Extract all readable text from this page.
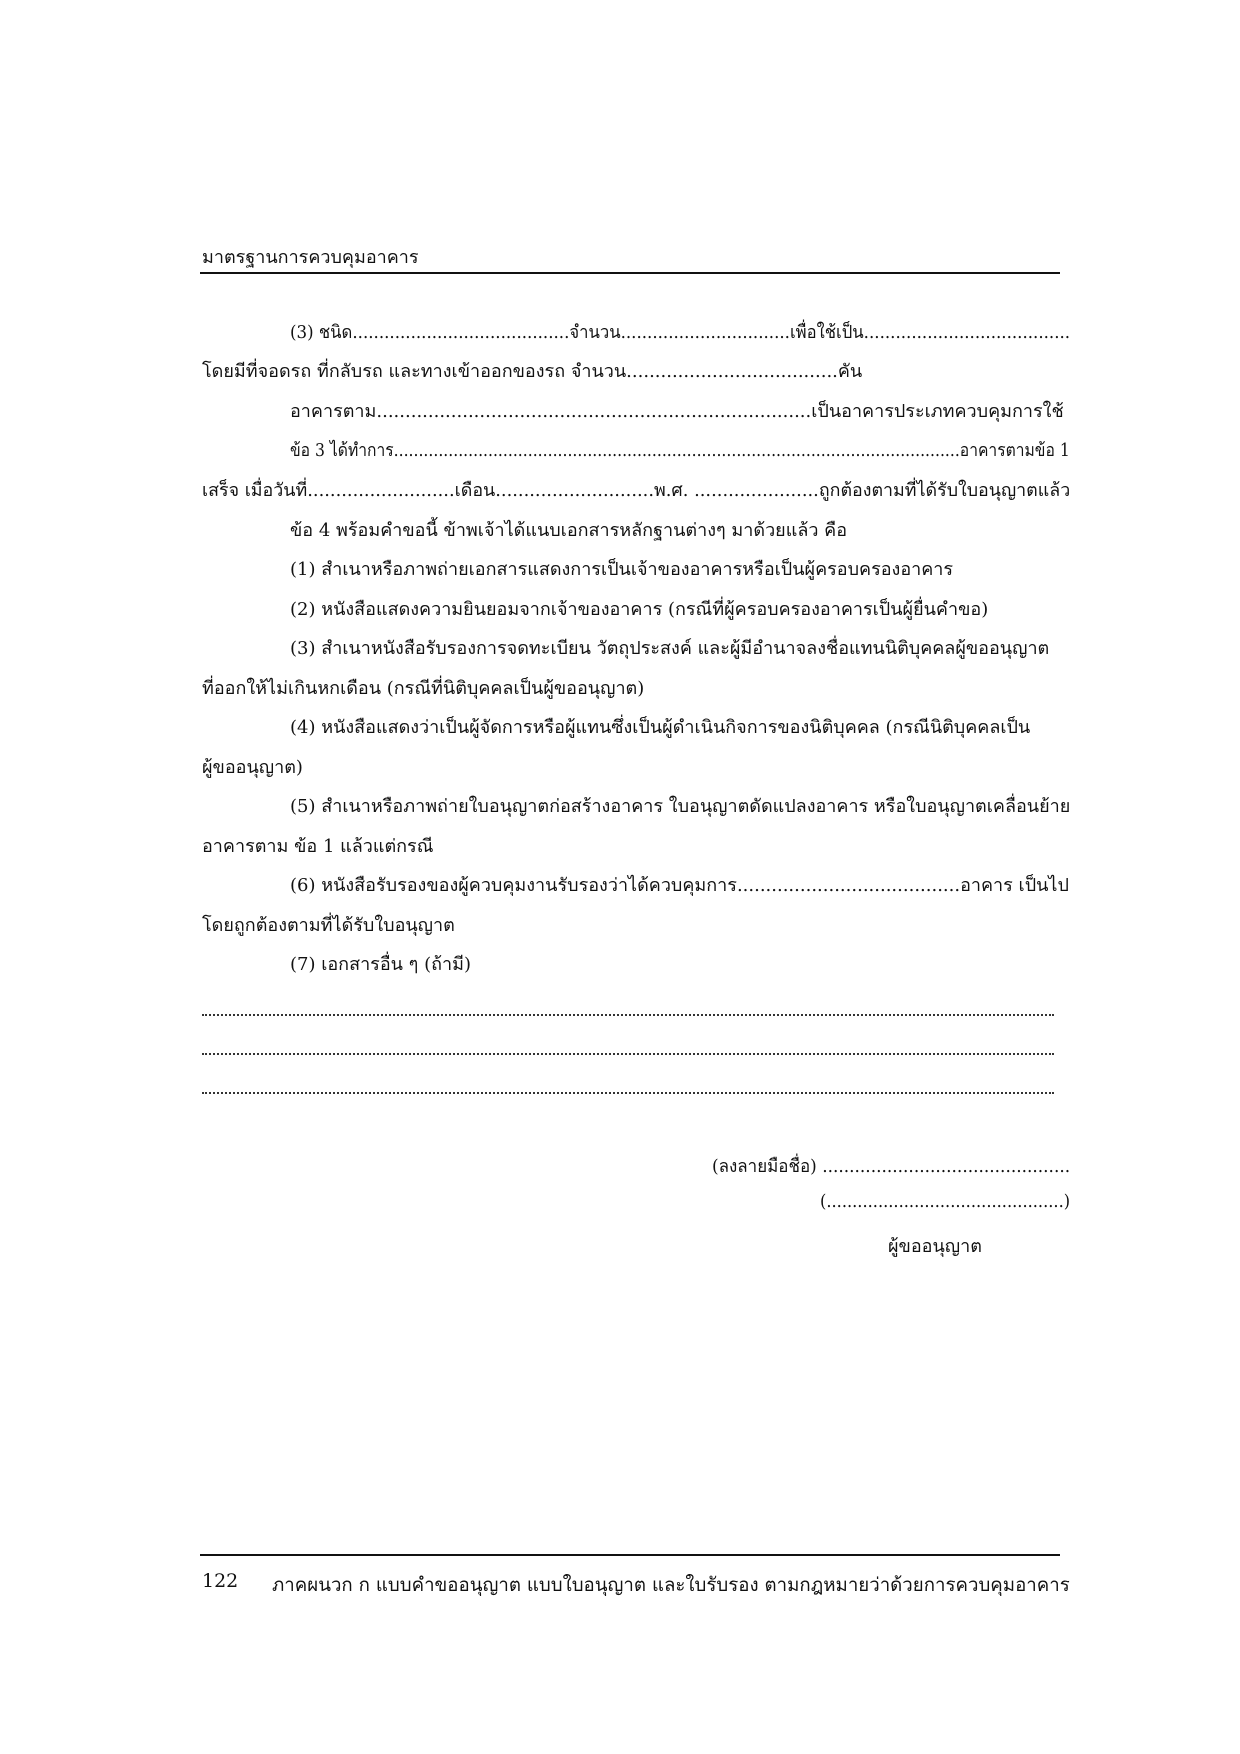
มาตรฐานการควบคุมอาคาร
(3) ชนิด.........................................จำนวน................................เพื่อใช้เป็น.......................................
โดยมีที่จอดรถ ที่กลับรถ และทางเข้าออกของรถ จำนวน.....................................คัน
อาคารตาม............................................................................เป็นอาคารประเภทควบคุมการใช้
ข้อ 3 ได้ทำการ..................................................................................................................อาคารตามข้อ 1
เสร็จ เมื่อวันที่..........................เดือน............................พ.ศ. ......................ถูกต้องตามที่ได้รับใบอนุญาตแล้ว
ข้อ 4 พร้อมคำขอนี้ ข้าพเจ้าได้แนบเอกสารหลักฐานต่างๆ มาด้วยแล้ว คือ
(1) สำเนาหรือภาพถ่ายเอกสารแสดงการเป็นเจ้าของอาคารหรือเป็นผู้ครอบครองอาคาร
(2) หนังสือแสดงความยินยอมจากเจ้าของอาคาร (กรณีที่ผู้ครอบครองอาคารเป็นผู้ยื่นคำขอ)
(3) สำเนาหนังสือรับรองการจดทะเบียน วัตถุประสงค์ และผู้มีอำนาจลงชื่อแทนนิติบุคคลผู้ขออนุญาต
ที่ออกให้ไม่เกินหกเดือน (กรณีที่นิติบุคคลเป็นผู้ขออนุญาต)
(4) หนังสือแสดงว่าเป็นผู้จัดการหรือผู้แทนซึ่งเป็นผู้ดำเนินกิจการของนิติบุคคล (กรณีนิติบุคคลเป็น
ผู้ขออนุญาต)
(5) สำเนาหรือภาพถ่ายใบอนุญาตก่อสร้างอาคาร ใบอนุญาตดัดแปลงอาคาร หรือใบอนุญาตเคลื่อนย้าย
อาคารตาม ข้อ 1 แล้วแต่กรณี
(6) หนังสือรับรองของผู้ควบคุมงานรับรองว่าได้ควบคุมการ.......................................อาคาร เป็นไป
โดยถูกต้องตามที่ได้รับใบอนุญาต
(7) เอกสารอื่น ๆ (ถ้ามี)
(ลงลายมือชื่อ) ..............................................
(..............................................)
ผู้ขออนุญาต
122 ภาคผนวก ก แบบคำขออนุญาต แบบใบอนุญาต และใบรับรอง ตามกฎหมายว่าด้วยการควบคุมอาคาร
